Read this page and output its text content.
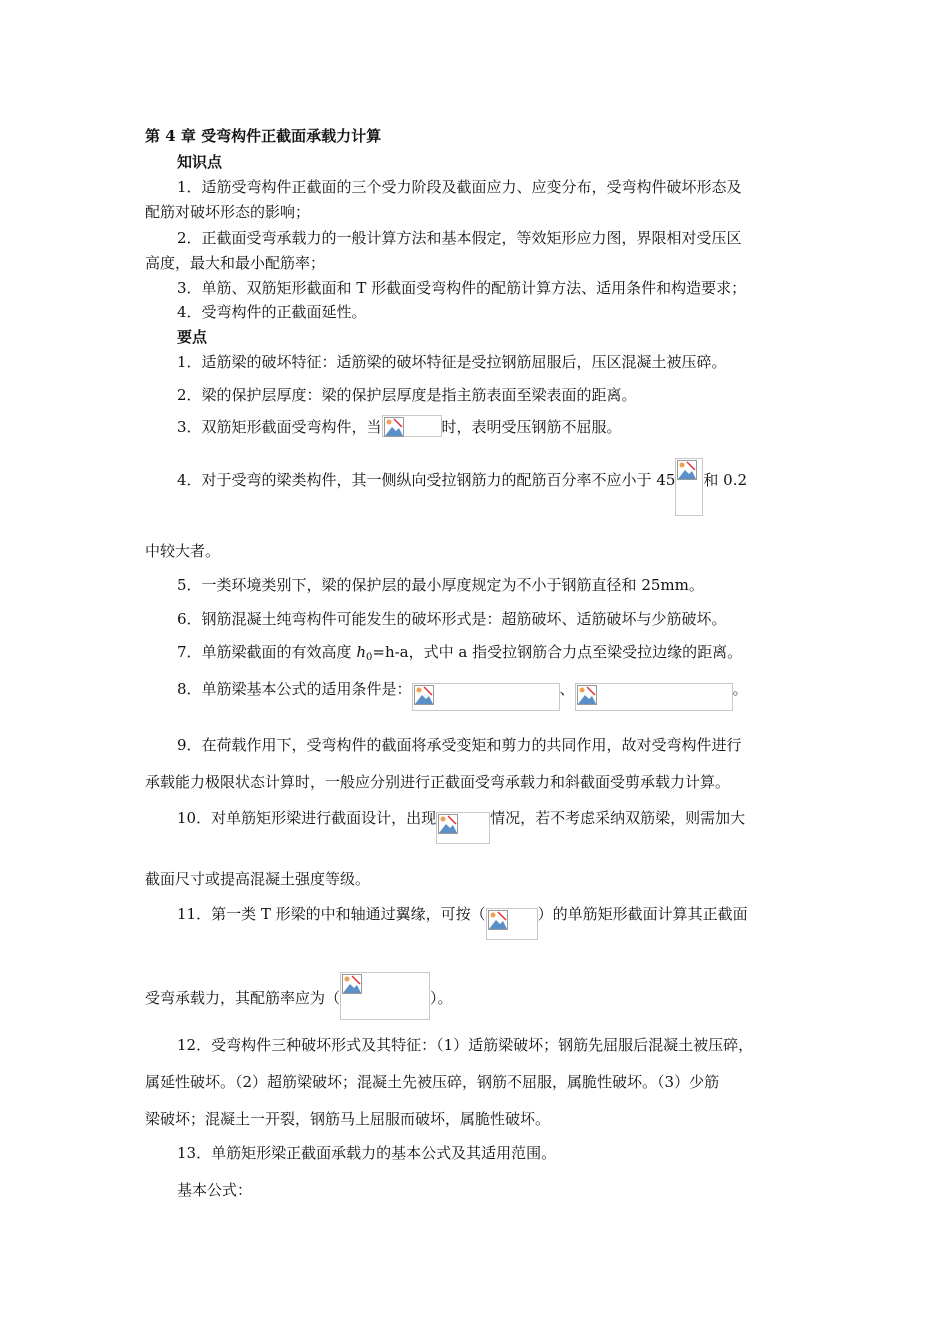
第 4 章 受弯构件正截面承载力计算
知识点
1．适筋受弯构件正截面的三个受力阶段及截面应力、应变分布，受弯构件破坏形态及
配筋对破坏形态的影响；
2．正截面受弯承载力的一般计算方法和基本假定，等效矩形应力图，界限相对受压区
高度，最大和最小配筋率；
3．单筋、双筋矩形截面和 T 形截面受弯构件的配筋计算方法、适用条件和构造要求；
4．受弯构件的正截面延性。
要点
1．适筋梁的破坏特征：适筋梁的破坏特征是受拉钢筋屈服后，压区混凝土被压碎。
2．梁的保护层厚度：梁的保护层厚度是指主筋表面至梁表面的距离。
3．双筋矩形截面受弯构件，当	时，表明受压钢筋不屈服。
4．对于受弯的梁类构件，其一侧纵向受拉钢筋力的配筋百分率不应小于 45 和 0.2
中较大者。
5．一类环境类别下，梁的保护层的最小厚度规定为不小于钢筋直径和 25mm。
6．钢筋混凝土纯弯构件可能发生的破坏形式是：超筋破坏、适筋破坏与少筋破坏。
7．单筋梁截面的有效高度 $h_0=h-a$，式中 a 指受拉钢筋合力点至梁受拉边缘的距离。
8．单筋梁基本公式的适用条件是：	、	。
9．在荷载作用下，受弯构件的截面将承受变矩和剪力的共同作用，故对受弯构件进行
承载能力极限状态计算时，一般应分别进行正截面受弯承载力和斜截面受剪承载力计算。
10．对单筋矩形梁进行截面设计，出现	情况，若不考虑采纳双筋梁，则需加大
截面尺寸或提高混凝土强度等级。
11．第一类 T 形梁的中和轴通过翼缘，可按（	）的单筋矩形截面计算其正截面
受弯承载力，其配筋率应为（	）。
12．受弯构件三种破坏形式及其特征：（1）适筋梁破坏；钢筋先屈服后混凝土被压碎，
属延性破坏。（2）超筋梁破坏；混凝土先被压碎，钢筋不屈服，属脆性破坏。（3）少筋
梁破坏；混凝土一开裂，钢筋马上屈服而破坏，属脆性破坏。
13．单筋矩形梁正截面承载力的基本公式及其适用范围。
基本公式：
